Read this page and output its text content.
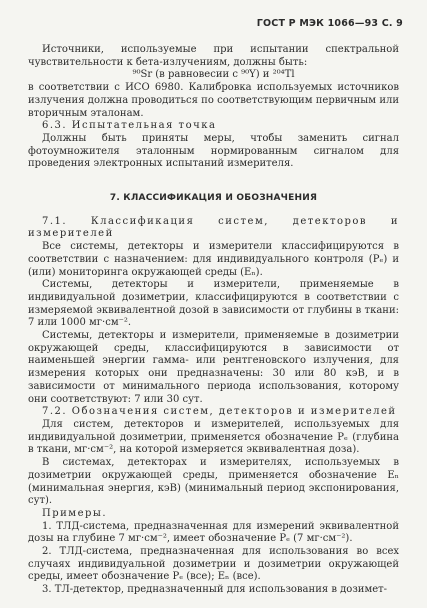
ГОСТ Р МЭК 1066—93 С. 9

Источники, используемые при испытании спектральной чувствительности к бета-излучениям, должны быть:

⁹⁰Sr (в равновесии с ⁹⁰Y) и ²⁰⁴Tl

в соответствии с ИСО 6980. Калибровка используемых источников излучения должна проводиться по соответствующим первичным или вторичным эталонам.

6.3. Испытательная точка

Должны быть приняты меры, чтобы заменить сигнал фотоумножителя эталонным нормированным сигналом для проведения электронных испытаний измерителя.

7. КЛАССИФИКАЦИЯ И ОБОЗНАЧЕНИЯ

7.1. Классификация систем, детекторов и измерителей

Все системы, детекторы и измерители классифицируются в соответствии с назначением: для индивидуального контроля (Pₑ) и (или) мониторинга окружающей среды (Eₙ).

Системы, детекторы и измерители, применяемые в индивидуальной дозиметрии, классифицируются в соответствии с измеряемой эквивалентной дозой в зависимости от глубины в ткани: 7 или 1000 мг·см⁻².

Системы, детекторы и измерители, применяемые в дозиметрии окружающей среды, классифицируются в зависимости от наименьшей энергии гамма- или рентгеновского излучения, для измерения которых они предназначены: 30 или 80 кэВ, и в зависимости от минимального периода использования, которому они соответствуют: 7 или 30 сут.

7.2. Обозначения систем, детекторов и измерителей

Для систем, детекторов и измерителей, используемых для индивидуальной дозиметрии, применяется обозначение Pₑ (глубина в ткани, мг·см⁻², на которой измеряется эквивалентная доза).

В системах, детекторах и измерителях, используемых в дозиметрии окружающей среды, применяется обозначение Eₙ (минимальная энергия, кэВ) (минимальный период экспонирования, сут).

Примеры.

1. ТЛД-система, предназначенная для измерений эквивалентной дозы на глубине 7 мг·см⁻², имеет обозначение Pₑ (7 мг·см⁻²).

2. ТЛД-система, предназначенная для использования во всех случаях индивидуальной дозиметрии и дозиметрии окружающей среды, имеет обозначение Pₑ (все); Eₙ (все).

3. ТЛ-детектор, предназначенный для использования в дозимет-
